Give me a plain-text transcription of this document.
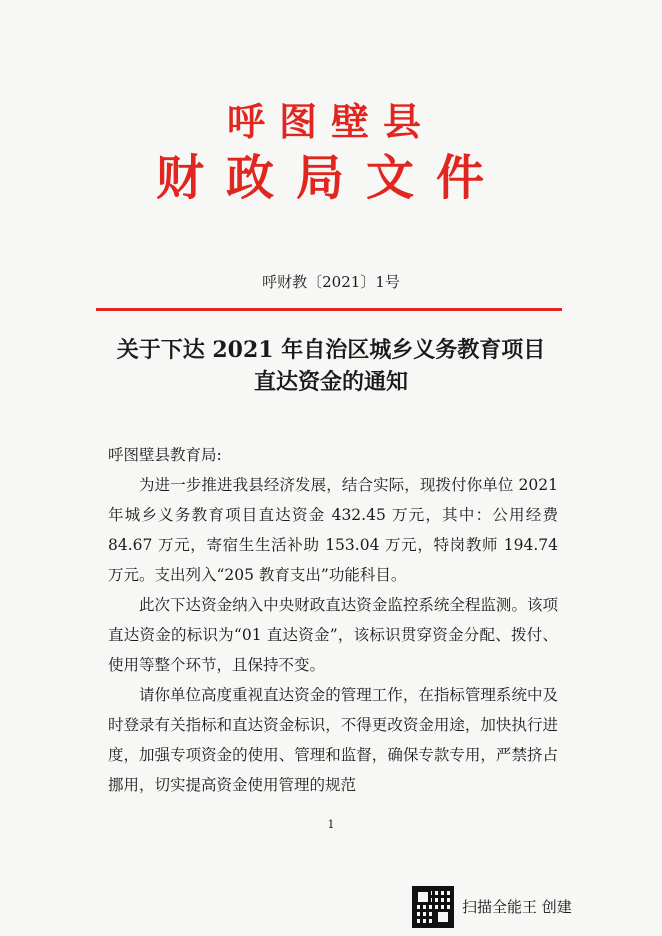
呼图壁县
财政局文件
呼财教〔2021〕1号
关于下达 2021 年自治区城乡义务教育项目
直达资金的通知

呼图壁县教育局:

为进一步推进我县经济发展，结合实际，现拨付你单位 2021 年城乡义务教育项目直达资金 432.45 万元，其中：公用经费 84.67 万元，寄宿生生活补助 153.04 万元，特岗教师 194.74 万元。支出列入“205 教育支出”功能科目。

此次下达资金纳入中央财政直达资金监控系统全程监测。该项直达资金的标识为“01 直达资金”，该标识贯穿资金分配、拨付、使用等整个环节，且保持不变。

请你单位高度重视直达资金的管理工作，在指标管理系统中及时登录有关指标和直达资金标识，不得更改资金用途，加快执行进度，加强专项资金的使用、管理和监督，确保专款专用，严禁挤占挪用，切实提高资金使用管理的规范

1
扫描全能王 创建
